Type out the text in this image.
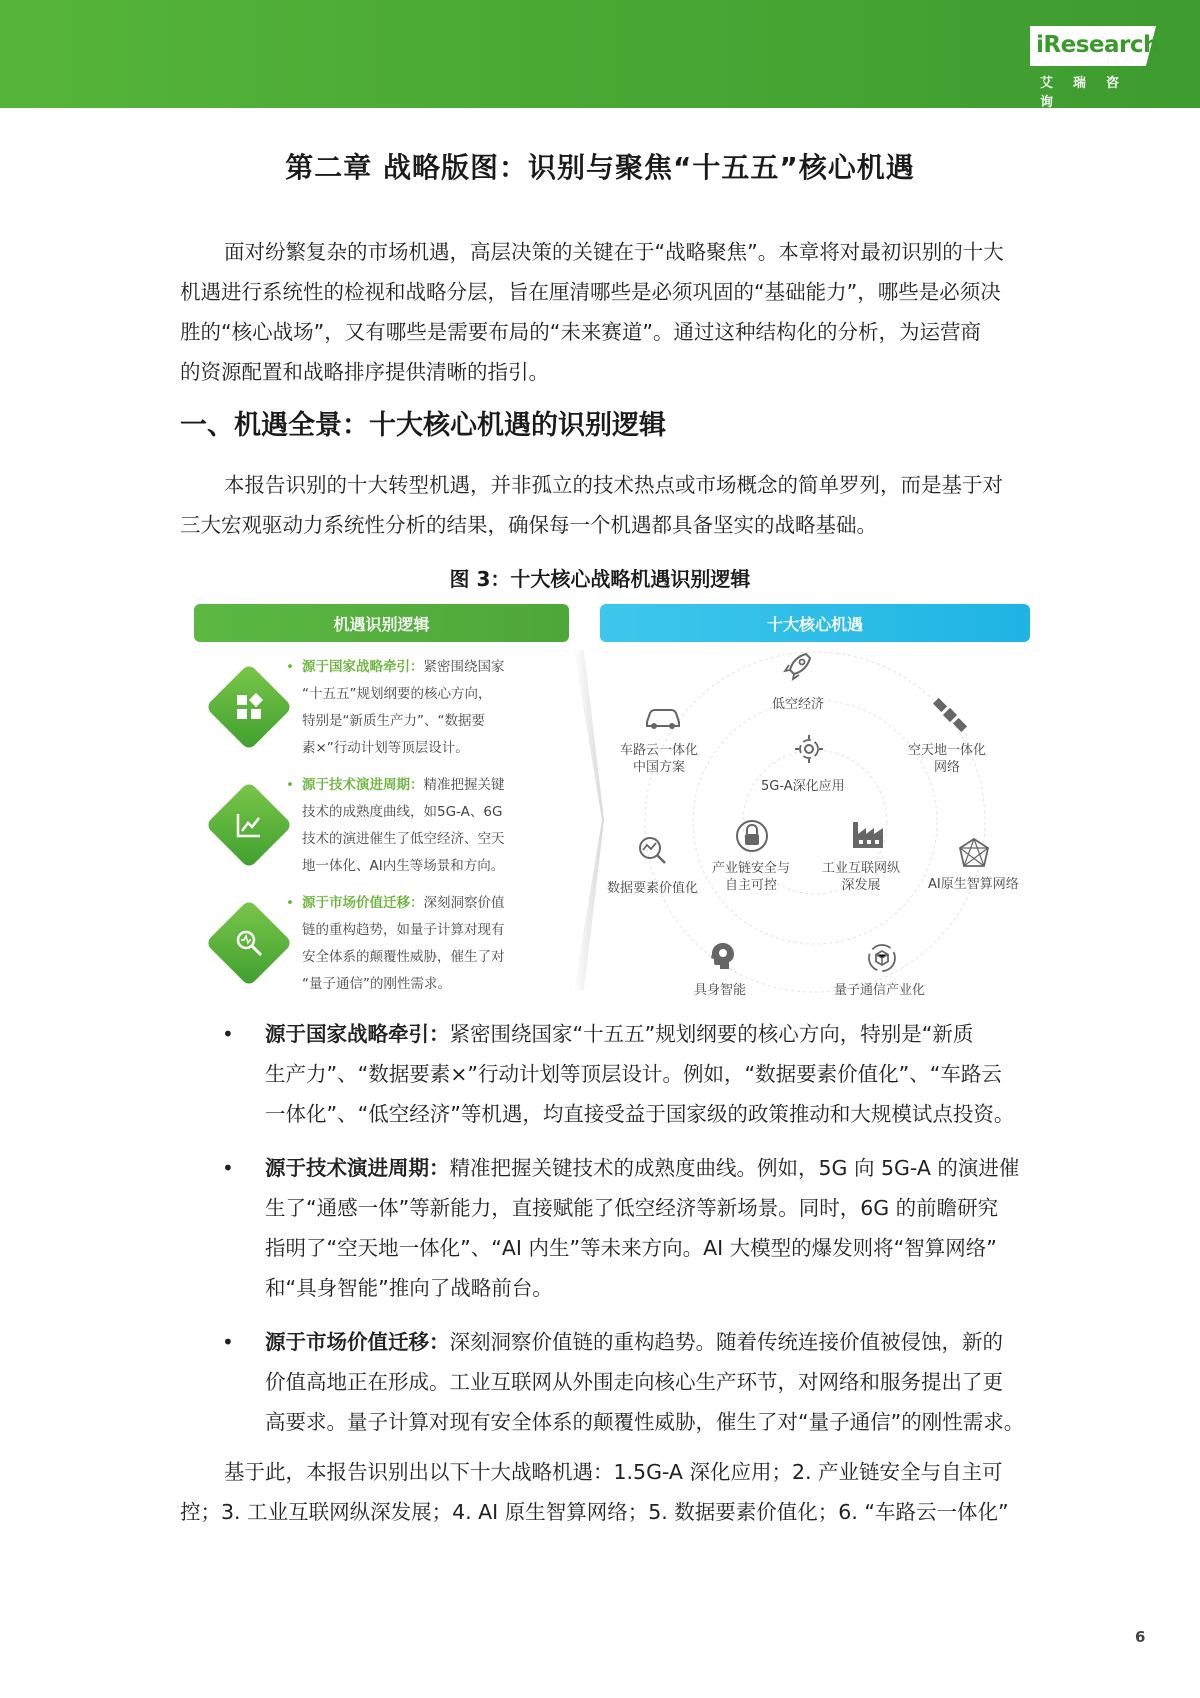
iResearch
艾瑞咨询
第二章 战略版图：识别与聚焦“十五五”核心机遇
面对纷繁复杂的市场机遇，高层决策的关键在于“战略聚焦”。本章将对最初识别的十大
机遇进行系统性的检视和战略分层，旨在厘清哪些是必须巩固的“基础能力”，哪些是必须决
胜的“核心战场”，又有哪些是需要布局的“未来赛道”。通过这种结构化的分析，为运营商
的资源配置和战略排序提供清晰的指引。
一、机遇全景：十大核心机遇的识别逻辑
本报告识别的十大转型机遇，并非孤立的技术热点或市场概念的简单罗列，而是基于对
三大宏观驱动力系统性分析的结果，确保每一个机遇都具备坚实的战略基础。
图 3：十大核心战略机遇识别逻辑
机遇识别逻辑	十大核心机遇
• 源于国家战略牵引：紧密围绕国家
“十五五”规划纲要的核心方向，
特别是“新质生产力”、“数据要
素×”行动计划等顶层设计。
• 源于技术演进周期：精准把握关键
技术的成熟度曲线，如5G-A、6G
技术的演进催生了低空经济、空天
地一体化、AI内生等场景和方向。
• 源于市场价值迁移：深刻洞察价值
链的重构趋势，如量子计算对现有
安全体系的颠覆性威胁，催生了对
“量子通信”的刚性需求。
低空经济
车路云一体化
中国方案
空天地一体化
网络
5G-A深化应用
数据要素价值化
产业链安全与
自主可控
工业互联网纵
深发展	AI原生智算网络
具身智能	量子通信产业化
• 源于国家战略牵引：紧密围绕国家“十五五”规划纲要的核心方向，特别是“新质
生产力”、“数据要素×”行动计划等顶层设计。例如，“数据要素价值化”、“车路云
一体化”、“低空经济”等机遇，均直接受益于国家级的政策推动和大规模试点投资。
• 源于技术演进周期：精准把握关键技术的成熟度曲线。例如，5G 向 5G-A 的演进催
生了“通感一体”等新能力，直接赋能了低空经济等新场景。同时，6G 的前瞻研究
指明了“空天地一体化”、“AI 内生”等未来方向。AI 大模型的爆发则将“智算网络”
和“具身智能”推向了战略前台。
• 源于市场价值迁移：深刻洞察价值链的重构趋势。随着传统连接价值被侵蚀，新的
价值高地正在形成。工业互联网从外围走向核心生产环节，对网络和服务提出了更
高要求。量子计算对现有安全体系的颠覆性威胁，催生了对“量子通信”的刚性需求。
基于此，本报告识别出以下十大战略机遇：1.5G-A 深化应用；2. 产业链安全与自主可
控；3. 工业互联网纵深发展；4. AI 原生智算网络；5. 数据要素价值化；6. “车路云一体化”
6
